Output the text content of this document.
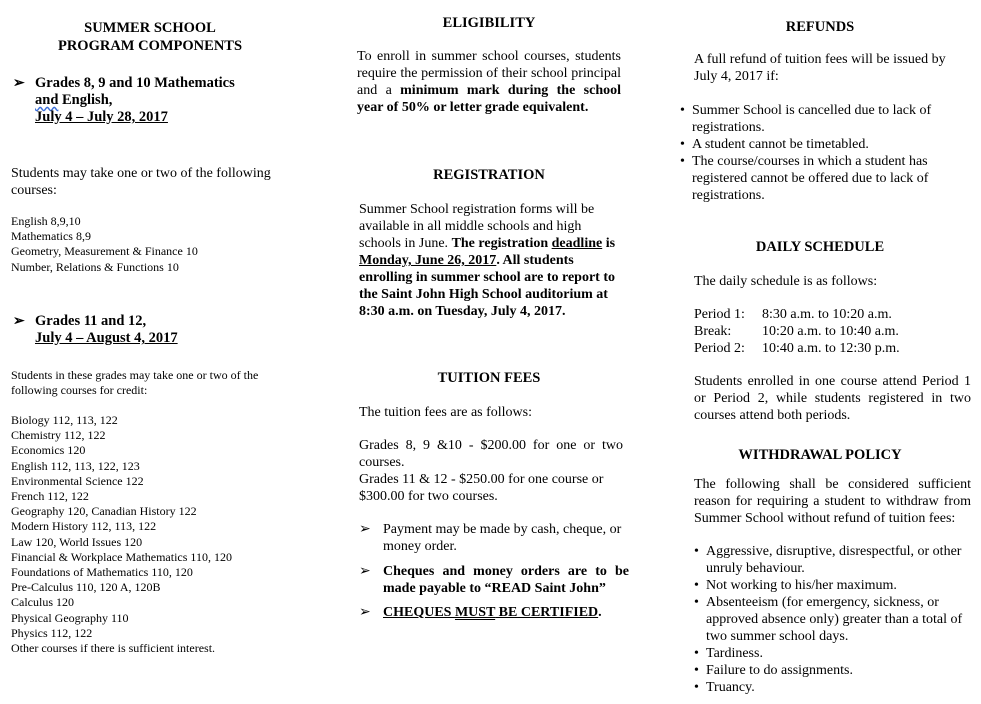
SUMMER SCHOOL
PROGRAM COMPONENTS
➢ Grades 8, 9 and 10 Mathematics
and English,
July 4 – July 28, 2017
Students may take one or two of the following courses:
English 8,9,10
Mathematics 8,9
Geometry, Measurement & Finance 10
Number, Relations & Functions 10
➢ Grades 11 and 12,
July 4 – August 4, 2017
Students in these grades may take one or two of the following courses for credit:
Biology 112, 113, 122
Chemistry 112, 122
Economics 120
English 112, 113, 122, 123
Environmental Science 122
French 112, 122
Geography 120, Canadian History 122
Modern History 112, 113, 122
Law 120, World Issues 120
Financial & Workplace Mathematics 110, 120
Foundations of Mathematics 110, 120
Pre-Calculus 110, 120 A, 120B
Calculus 120
Physical Geography 110
Physics 112, 122
Other courses if there is sufficient interest.
ELIGIBILITY
To enroll in summer school courses, students require the permission of their school principal and a minimum mark during the school year of 50% or letter grade equivalent.
REGISTRATION
Summer School registration forms will be available in all middle schools and high schools in June. The registration deadline is Monday, June 26, 2017. All students enrolling in summer school are to report to the Saint John High School auditorium at 8:30 a.m. on Tuesday, July 4, 2017.
TUITION FEES
The tuition fees are as follows:
Grades 8, 9 &10 - $200.00 for one or two courses.
Grades 11 & 12 - $250.00 for one course or $300.00 for two courses.
➢ Payment may be made by cash, cheque, or money order.
➢ Cheques and money orders are to be made payable to “READ Saint John”
➢ CHEQUES MUST BE CERTIFIED.
REFUNDS
A full refund of tuition fees will be issued by July 4, 2017 if:
• Summer School is cancelled due to lack of registrations.
• A student cannot be timetabled.
• The course/courses in which a student has registered cannot be offered due to lack of registrations.
DAILY SCHEDULE
The daily schedule is as follows:
Period 1:	8:30 a.m. to 10:20 a.m.
Break:	10:20 a.m. to 10:40 a.m.
Period 2:	10:40 a.m. to 12:30 p.m.
Students enrolled in one course attend Period 1 or Period 2, while students registered in two courses attend both periods.
WITHDRAWAL POLICY
The following shall be considered sufficient reason for requiring a student to withdraw from Summer School without refund of tuition fees:
• Aggressive, disruptive, disrespectful, or other unruly behaviour.
• Not working to his/her maximum.
• Absenteeism (for emergency, sickness, or approved absence only) greater than a total of two summer school days.
• Tardiness.
• Failure to do assignments.
• Truancy.
